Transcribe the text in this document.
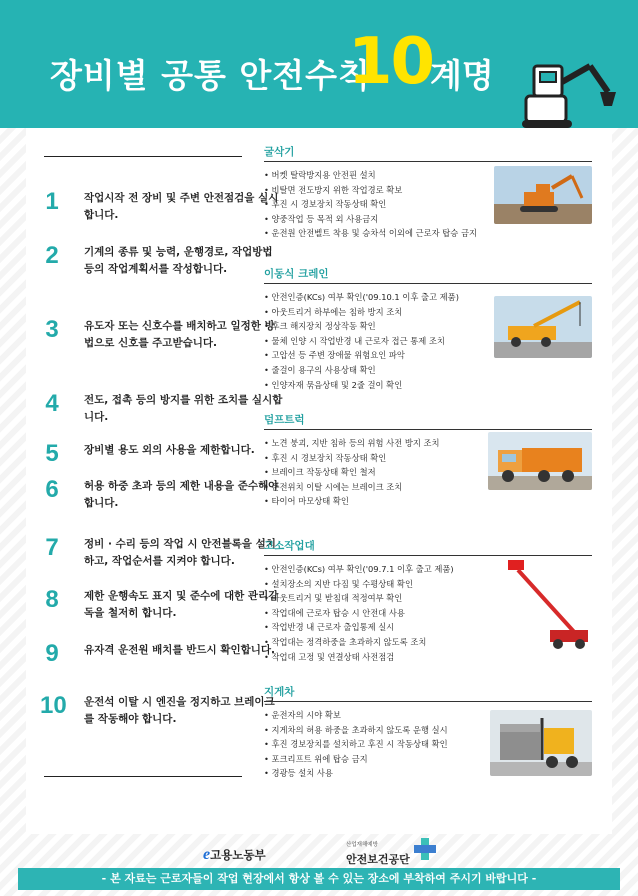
장비별 공통 안전수칙
10
계명
1	작업시작 전 장비 및 주변 안전점검을 실시합니다.
2	기계의 종류 및 능력, 운행경로, 작업방법 등의 작업계획서를 작성합니다.
3	유도자 또는 신호수를 배치하고 일정한 방법으로 신호를 주고받습니다.
4	전도, 접촉 등의 방지를 위한 조치를 실시합니다.
5	장비별 용도 외의 사용을 제한합니다.
6	허용 하중 초과 등의 제한 내용을 준수해야 합니다.
7	정비 · 수리 등의 작업 시 안전블록을 설치하고, 작업순서를 지켜야 합니다.
8	제한 운행속도 표지 및 준수에 대한 관리감독을 철저히 합니다.
9	유자격 운전원 배치를 반드시 확인합니다.
10 운전석 이탈 시 엔진을 정지하고 브레이크를 작동해야 합니다.
굴삭기
• 버켓 탈락방지용 안전핀 설치
• 비탈면 전도방지 위한 작업경로 확보
• 후진 시 경보장치 작동상태 확인
• 양중작업 등 목적 외 사용금지
• 운전원 안전벨트 착용 및 승차석 이외에 근로자 탑승 금지
이동식 크레인
• 안전인증(KCs) 여부 확인('09.10.1 이후 출고 제품)
• 아웃트리거 하부에는 침하 방지 조치
• 후크 해지장치 정상작동 확인
• 물체 인양 시 작업반경 내 근로자 접근 통제 조치
• 고압선 등 주변 장애물 위험요인 파악
• 줄걸이 용구의 사용상태 확인
• 인양자재 묶음상태 및 2줄 걸이 확인
덤프트럭
• 노견 붕괴, 지반 침하 등의 위험 사전 방지 조치
• 후진 시 경보장치 작동상태 확인
• 브레이크 작동상태 확인 철저
• 운전위치 이탈 시에는 브레이크 조치
• 타이어 마모상태 확인
고소작업대
• 안전인증(KCs) 여부 확인('09.7.1 이후 출고 제품)
• 설치장소의 지반 다짐 및 수평상태 확인
• 아웃트리거 및 받침대 적정여부 확인
• 작업대에 근로자 탑승 시 안전대 사용
• 작업반경 내 근로자 출입통제 실시
• 작업대는 정격하중을 초과하지 않도록 조치
• 작업대 고정 및 연결상태 사전점검
지게차
• 운전자의 시야 확보
• 지게차의 허용 하중을 초과하지 않도록 운행 실시
• 후진 경보장치를 설치하고 후진 시 작동상태 확인
• 포크리프트 위에 탑승 금지
• 경광등 설치 사용
e고용노동부
산업재해예방
안전보건공단
- 본 자료는 근로자들이 작업 현장에서 항상 볼 수 있는 장소에 부착하여 주시기 바랍니다 -
